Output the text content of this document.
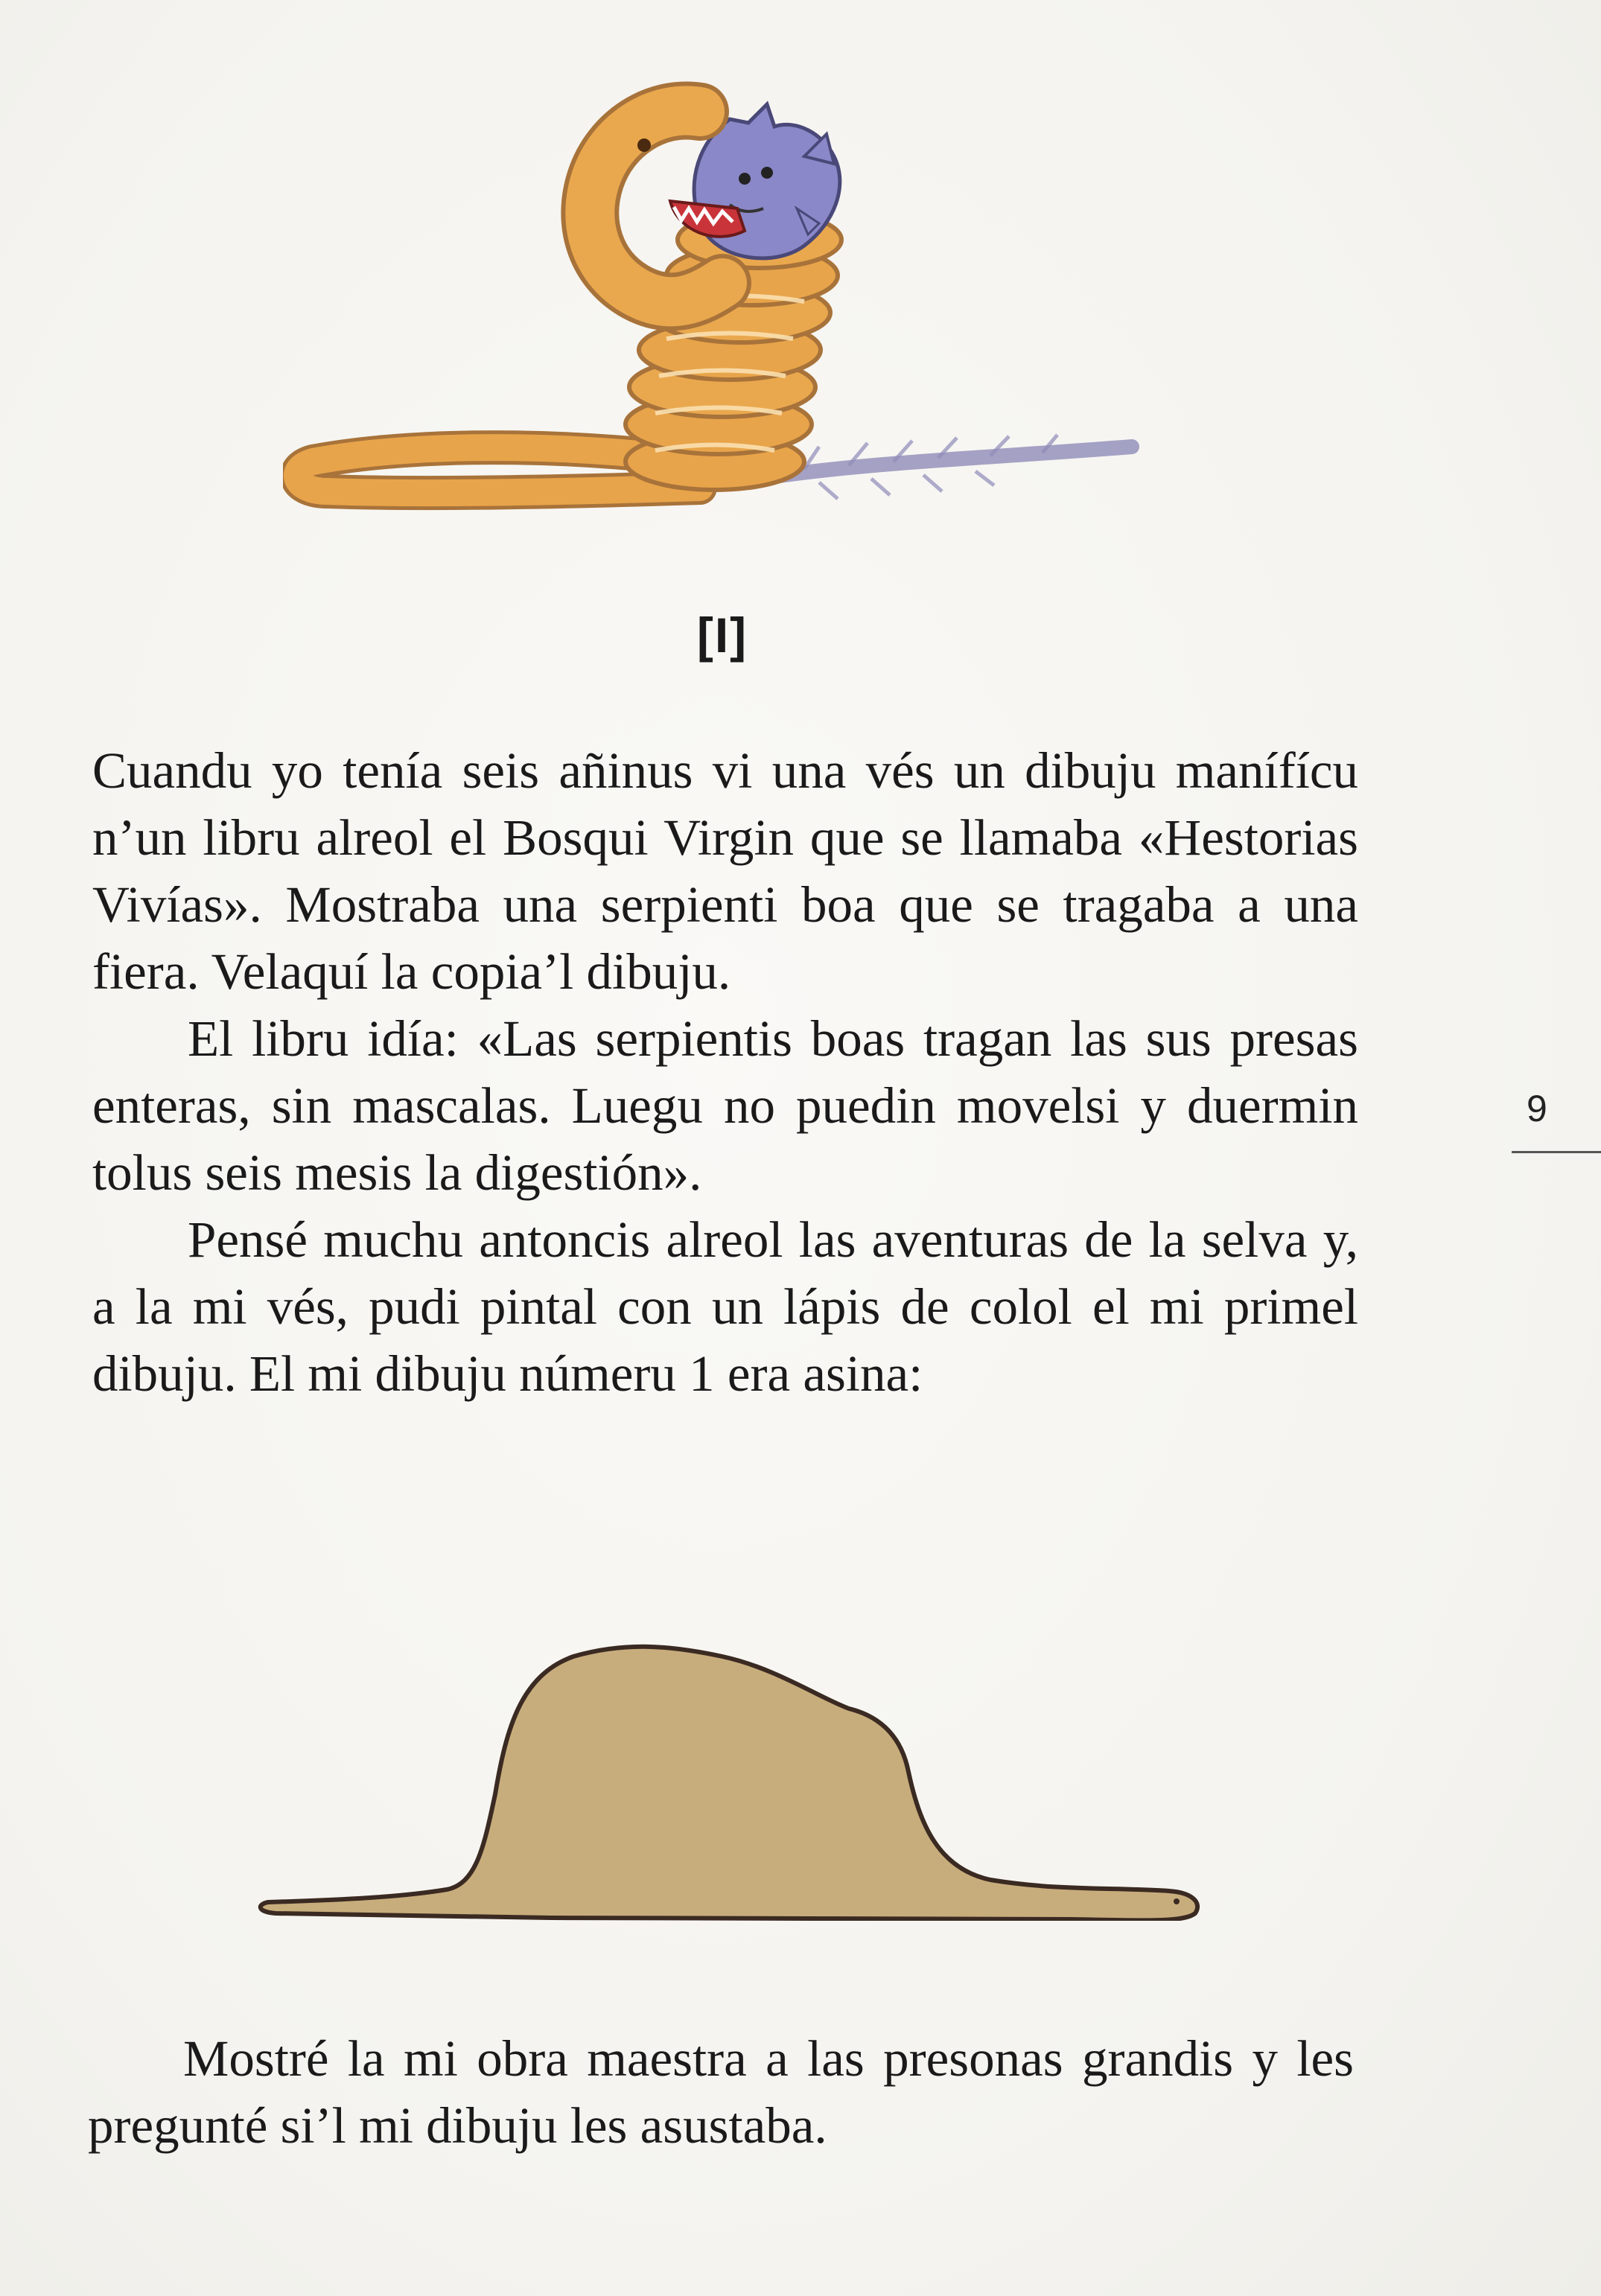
[I]

Cuandu yo tenía seis añinus vi una vés un dibuju manífícu n’un libru alreol el Bosqui Virgin que se llamaba «Hestorias Vivías». Mostraba una serpienti boa que se tragaba a una fiera. Velaquí la copia’l dibuju.

El libru idía: «Las serpientis boas tragan las sus presas enteras, sin mascalas. Luegu no puedin movelsi y duermin tolus seis mesis la digestión».

Pensé muchu antoncis alreol las aventuras de la selva y, a la mi vés, pudi pintal con un lápis de colol el mi primel dibuju. El mi dibuju númeru 1 era asina:

Mostré la mi obra maestra a las presonas grandis y les pregunté si’l mi dibuju les asustaba.

9
